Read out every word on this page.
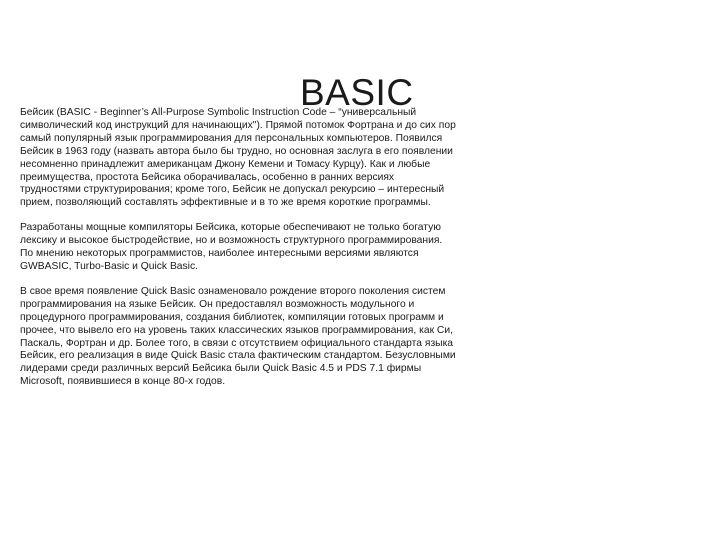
BASIC

Бейсик (BASIC - Beginner’s All-Purpose Symbolic Instruction Code – “универсальный символический код инструкций для начинающих"). Прямой потомок Фортрана и до сих пор самый популярный язык программирования для персональных компьютеров. Появился Бейсик в 1963 году (назвать автора было бы трудно, но основная заслуга в его появлении несомненно принадлежит американцам Джону Кемени и Томасу Курцу). Как и любые преимущества, простота Бейсика оборачивалась, особенно в ранних версиях трудностями структурирования; кроме того, Бейсик не допускал рекурсию – интересный прием, позволяющий составлять эффективные и в то же время короткие программы.

Разработаны мощные компиляторы Бейсика, которые обеспечивают не только богатую лексику и высокое быстродействие, но и возможность структурного программирования. По мнению некоторых программистов, наиболее интересными версиями являются GWBASIC, Turbo-Basic и Quick Basic.

В свое время появление Quick Basic ознаменовало рождение второго поколения систем программирования на языке Бейсик. Он предоставлял возможность модульного и процедурного программирования, создания библиотек, компиляции готовых программ и прочее, что вывело его на уровень таких классических языков программирования, как Си, Паскаль, Фортран и др. Более того, в связи с отсутствием официального стандарта языка Бейсик, его реализация в виде Quick Basic стала фактическим стандартом. Безусловными лидерами среди различных версий Бейсика были Quick Basic 4.5 и PDS 7.1 фирмы Microsoft, появившиеся в конце 80-х годов.
